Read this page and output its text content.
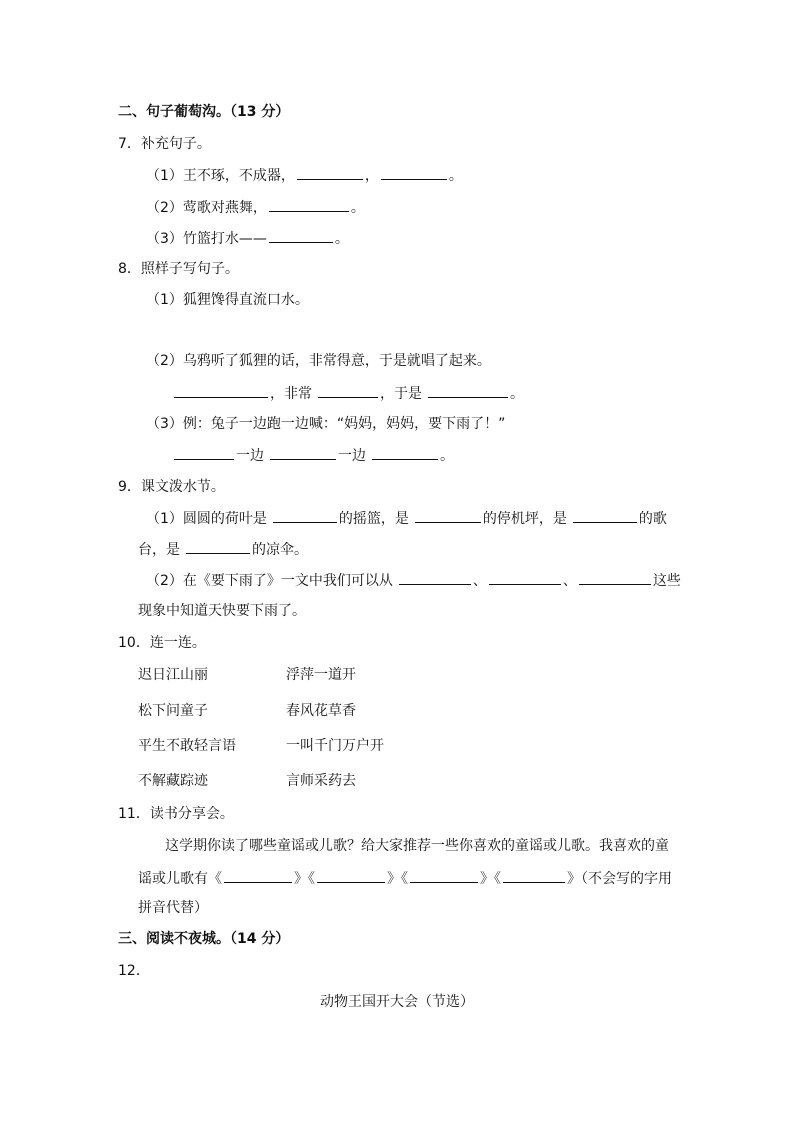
二、句子葡萄沟。（13 分）
7．补充句子。
（1）王不琢，不成器，	，	。
（2）莺歌对燕舞，	。
（3）竹篮打水——	。
8．照样子写句子。
（1）狐狸馋得直流口水。
（2）乌鸦听了狐狸的话，非常得意，于是就唱了起来。
，非常	，于是	。
（3）例：兔子一边跑一边喊：“妈妈，妈妈，要下雨了！”
一边	一边	。
9．课文泼水节。
（1）圆圆的荷叶是	的摇篮，是	的停机坪，是	的歌
台，是	的凉伞。
（2）在《要下雨了》一文中我们可以从	、	、	这些
现象中知道天快要下雨了。
10．连一连。
迟日江山丽	浮萍一道开
松下问童子	春风花草香
平生不敢轻言语	一叫千门万户开
不解藏踪迹	言师采药去
11．读书分享会。
这学期你读了哪些童谣或儿歌？给大家推荐一些你喜欢的童谣或儿歌。我喜欢的童
谣或儿歌有《	》《	》《	》《	》（不会写的字用
拼音代替）
三、阅读不夜城。（14 分）
12．
动物王国开大会（节选）
